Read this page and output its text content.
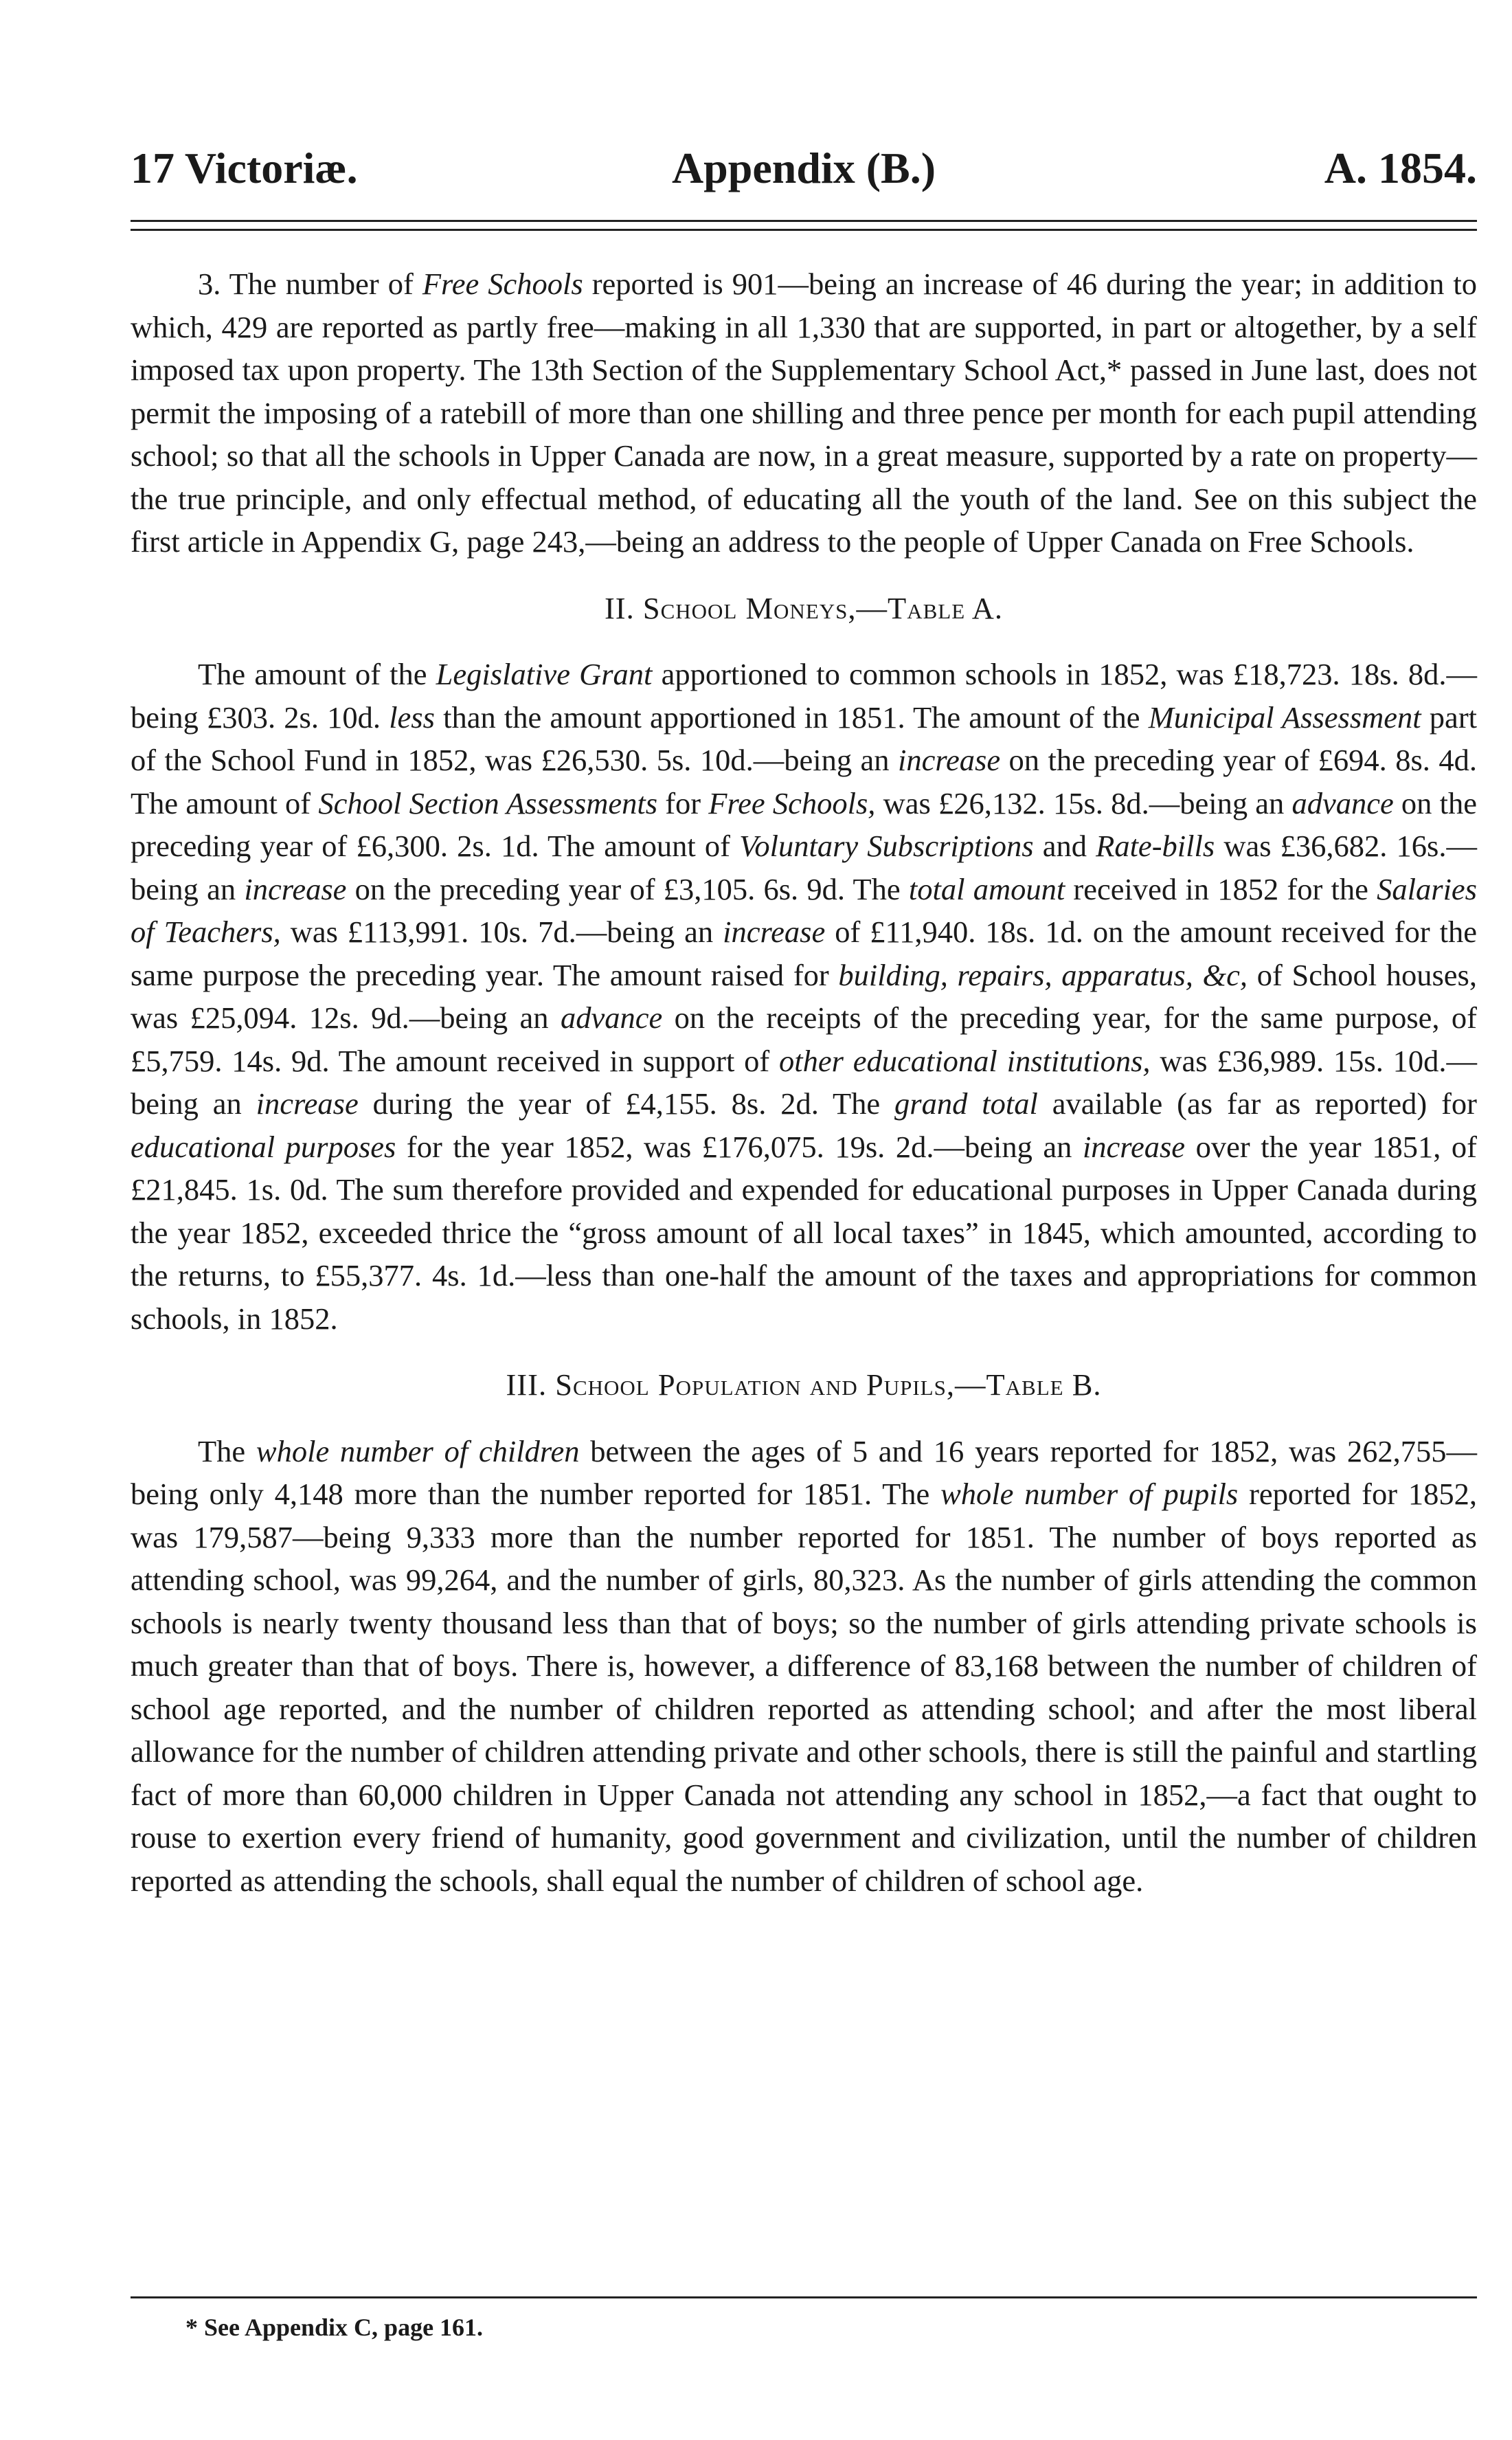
17 Victoriæ.	Appendix (B.)	A. 1854.

3. The number of Free Schools reported is 901—being an increase of 46 during the year; in addition to which, 429 are reported as partly free—making in all 1,330 that are supported, in part or altogether, by a self imposed tax upon property. The 13th Section of the Supplementary School Act,* passed in June last, does not permit the imposing of a ratebill of more than one shilling and three pence per month for each pupil attending school; so that all the schools in Upper Canada are now, in a great measure, supported by a rate on property—the true principle, and only effectual method, of educating all the youth of the land. See on this subject the first article in Appendix G, page 243,—being an address to the people of Upper Canada on Free Schools.

II. School Moneys,—Table A.

The amount of the Legislative Grant apportioned to common schools in 1852, was £18,723. 18s. 8d.—being £303. 2s. 10d. less than the amount apportioned in 1851. The amount of the Municipal Assessment part of the School Fund in 1852, was £26,530. 5s. 10d.—being an increase on the preceding year of £694. 8s. 4d. The amount of School Section Assessments for Free Schools, was £26,132. 15s. 8d.—being an advance on the preceding year of £6,300. 2s. 1d. The amount of Voluntary Subscriptions and Rate-bills was £36,682. 16s.—being an increase on the preceding year of £3,105. 6s. 9d. The total amount received in 1852 for the Salaries of Teachers, was £113,991. 10s. 7d.—being an increase of £11,940. 18s. 1d. on the amount received for the same purpose the preceding year. The amount raised for building, repairs, apparatus, &c, of School houses, was £25,094. 12s. 9d.—being an advance on the receipts of the preceding year, for the same purpose, of £5,759. 14s. 9d. The amount received in support of other educational institutions, was £36,989. 15s. 10d.—being an increase during the year of £4,155. 8s. 2d. The grand total available (as far as reported) for educational purposes for the year 1852, was £176,075. 19s. 2d.—being an increase over the year 1851, of £21,845. 1s. 0d. The sum therefore provided and expended for educational purposes in Upper Canada during the year 1852, exceeded thrice the “gross amount of all local taxes” in 1845, which amounted, according to the returns, to £55,377. 4s. 1d.—less than one-half the amount of the taxes and appropriations for common schools, in 1852.

III. School Population and Pupils,—Table B.

The whole number of children between the ages of 5 and 16 years reported for 1852, was 262,755—being only 4,148 more than the number reported for 1851. The whole number of pupils reported for 1852, was 179,587—being 9,333 more than the number reported for 1851. The number of boys reported as attending school, was 99,264, and the number of girls, 80,323. As the number of girls attending the common schools is nearly twenty thousand less than that of boys; so the number of girls attending private schools is much greater than that of boys. There is, however, a difference of 83,168 between the number of children of school age reported, and the number of children reported as attending school; and after the most liberal allowance for the number of children attending private and other schools, there is still the painful and startling fact of more than 60,000 children in Upper Canada not attending any school in 1852,—a fact that ought to rouse to exertion every friend of humanity, good government and civilization, until the number of children reported as attending the schools, shall equal the number of children of school age.

* See Appendix C, page 161.
